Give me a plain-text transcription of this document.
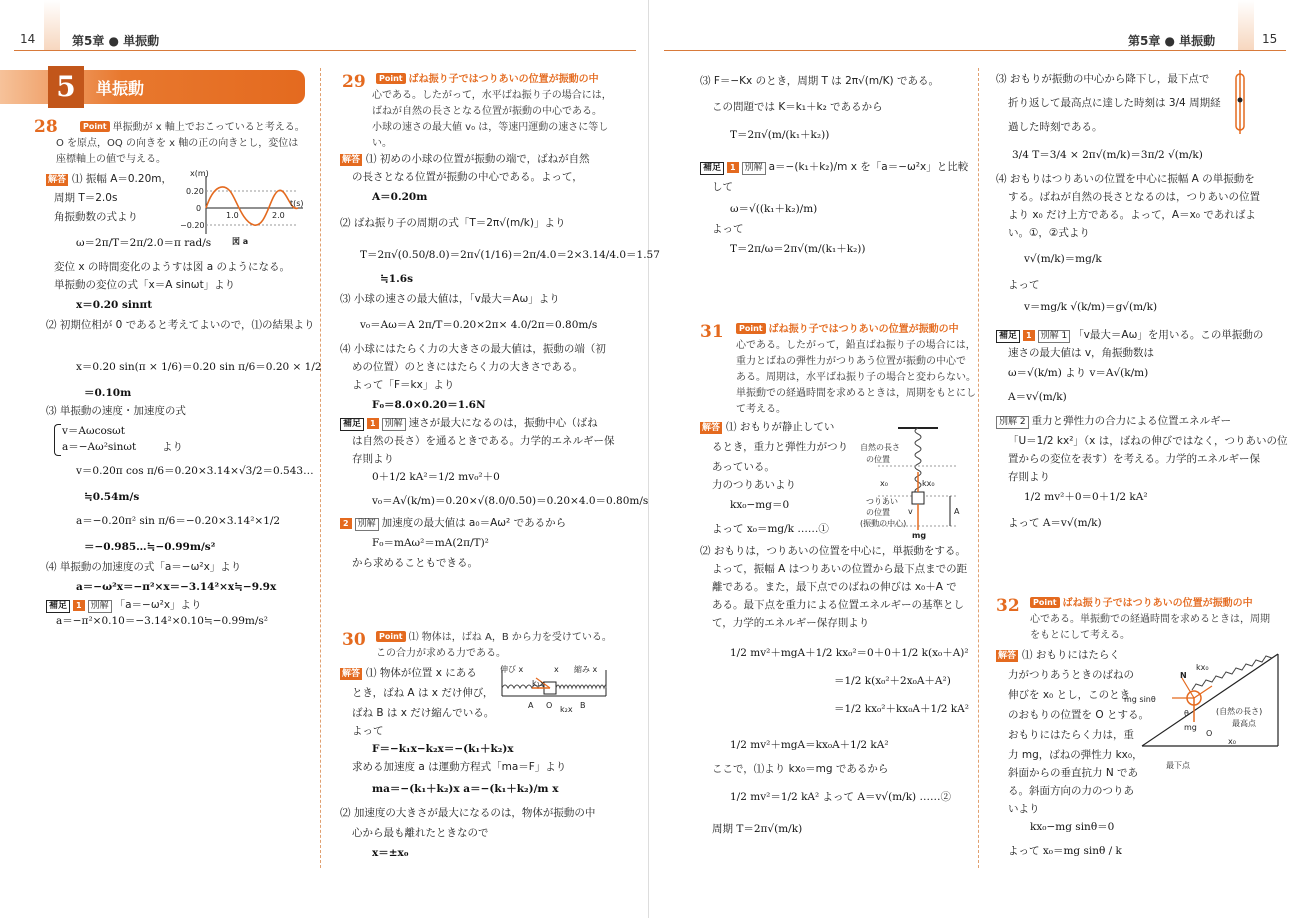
14	第5章 ● 単振動	第5章 ● 単振動	15
5	単振動
28	Point 単振動が x 軸上でおこっていると考える。
O を原点，OQ の向きを x 軸の正の向きとし，変位は
座標軸上の値で与える。
解答 ⑴ 振幅 A＝0.20m，
周期 T＝2.0s
角振動数の式より
ω＝2π/T＝2π/2.0＝π rad/s
変位 x の時間変化のようすは図 a のようになる。
単振動の変位の式「x＝A sinωt」より
x＝0.20 sinπt
⑵ 初期位相が 0 であると考えてよいので，⑴の結果より
x＝0.20 sin(π × 1/6)＝0.20 sin π/6＝0.20 × 1/2
＝0.10m
⑶ 単振動の速度・加速度の式
v＝Aωcosωt
a＝−Aω²sinωt より
v＝0.20π cos π/6＝0.20×3.14×√3/2＝0.543…
≒0.54m/s
a＝−0.20π² sin π/6＝−0.20×3.14²×1/2
＝−0.985…≒−0.99m/s²
⑷ 単振動の加速度の式「a＝−ω²x」より
a＝−ω²x＝−π²×x＝−3.14²×x≒−9.9x
補足 1 別解 「a＝−ω²x」より
a＝−π²×0.10＝−3.14²×0.10≒−0.99m/s²
x(m)
t(s)
0.20
0
−0.20
1.0	2.0
図 a
29	Point ばね振り子ではつりあいの位置が振動の中
心である。したがって，水平ばね振り子の場合には，
ばねが自然の長さとなる位置が振動の中心である。
小球の速さの最大値 v₀ は，等速円運動の速さに等し
い。
解答 ⑴ 初めの小球の位置が振動の端で，ばねが自然
の長さとなる位置が振動の中心である。よって，
A＝0.20m
⑵ ばね振り子の周期の式「T＝2π√(m/k)」より
T＝2π√(0.50/8.0)＝2π√(1/16)＝2π/4.0＝2×3.14/4.0＝1.57
≒1.6s
⑶ 小球の速さの最大値は，「v最大＝Aω」より
v₀＝Aω＝A 2π/T＝0.20×2π× 4.0/2π＝0.80m/s
⑷ 小球にはたらく力の大きさの最大値は，振動の端（初
めの位置）のときにはたらく力の大きさである。
よって「F＝kx」より
F₀＝8.0×0.20＝1.6N
補足 1 別解 速さが最大になるのは，振動中心（ばね
は自然の長さ）を通るときである。力学的エネルギー保
存則より
0＋1/2 kA²＝1/2 mv₀²＋0
v₀＝A√(k/m)＝0.20×√(8.0/0.50)＝0.20×4.0＝0.80m/s
2 別解 加速度の最大値は a₀＝Aω² であるから
F₀＝mAω²＝mA(2π/T)²
から求めることもできる。
30	Point ⑴ 物体は，ばね A，B から力を受けている。
この合力が求める力である。
解答 ⑴ 物体が位置 x にある
とき，ばね A は x だけ伸び，
ばね B は x だけ縮んでいる。
よって
F＝−k₁x−k₂x＝−(k₁＋k₂)x
求める加速度 a は運動方程式「ma＝F」より
ma＝−(k₁＋k₂)x a＝−(k₁＋k₂)/m x
⑵ 加速度の大きさが最大になるのは，物体が振動の中
心から最も離れたときなので
x＝±x₀
伸び x	縮み x
k₁x
x
A O	B
k₂x
⑶ F＝−Kx のとき，周期 T は 2π√(m/K) である。
この問題では K＝k₁＋k₂ であるから
T＝2π√(m/(k₁＋k₂))
補足 1 別解 a＝−(k₁＋k₂)/m x を「a＝−ω²x」と比較
して
ω＝√((k₁＋k₂)/m)
よって
T＝2π/ω＝2π√(m/(k₁＋k₂))
31	Point ばね振り子ではつりあいの位置が振動の中
心である。したがって，鉛直ばね振り子の場合には，
重力とばねの弾性力がつりあう位置が振動の中心で
ある。周期は，水平ばね振り子の場合と変わらない。
単振動での経過時間を求めるときは，周期をもとにし
て考える。
解答 ⑴ おもりが静止してい
るとき，重力と弾性力がつり
あっている。
力のつりあいより
kx₀−mg＝0
よって x₀＝mg/k ……①
⑵ おもりは，つりあいの位置を中心に，単振動をする。
よって，振幅 A はつりあいの位置から最下点までの距
離である。また，最下点でのばねの伸びは x₀＋A で
ある。最下点を重力による位置エネルギーの基準とし
て，力学的エネルギー保存則より
1/2 mv²＋mgA＋1/2 kx₀²＝0＋0＋1/2 k(x₀＋A)²
＝1/2 k(x₀²＋2x₀A＋A²)
＝1/2 kx₀²＋kx₀A＋1/2 kA²
1/2 mv²＋mgA＝kx₀A＋1/2 kA²
ここで，⑴より kx₀＝mg であるから
1/2 mv²＝1/2 kA² よって A＝v√(m/k) ……②
周期 T＝2π√(m/k)
自然の長さ
の位置
x₀	kx₀
つりあい
の位置
(振動の中心)
v	A
mg
⑶ おもりが振動の中心から降下し，最下点で
折り返して最高点に達した時刻は 3/4 周期経
過した時刻である。
3/4 T＝3/4 × 2π√(m/k)＝3π/2 √(m/k)
⑷ おもりはつりあいの位置を中心に振幅 A の単振動を
する。ばねが自然の長さとなるのは，つりあいの位置
より x₀ だけ上方である。よって，A＝x₀ であればよ
い。①，②式より
v√(m/k)＝mg/k
よって
v＝mg/k √(k/m)＝g√(m/k)
補足 1 別解 1 「v最大＝Aω」を用いる。この単振動の
速さの最大値は v，角振動数は
ω＝√(k/m) より v＝A√(k/m)
A＝v√(m/k)
別解 2 重力と弾性力の合力による位置エネルギー
「U＝1/2 kx²」（x は，ばねの伸びではなく，つりあいの位
置からの変位を表す）を考える。力学的エネルギー保
存則より
1/2 mv²＋0＝0＋1/2 kA²
よって A＝v√(m/k)
32	Point ばね振り子ではつりあいの位置が振動の中
心である。単振動での経過時間を求めるときは，周期
をもとにして考える。
解答 ⑴ おもりにはたらく
力がつりあうときのばねの
伸びを x₀ とし，このとき
のおもりの位置を O とする。
おもりにはたらく力は，重
力 mg，ばねの弾性力 kx₀，
斜面からの垂直抗力 N であ
る。斜面方向の力のつりあ
いより
kx₀−mg sinθ＝0
よって x₀＝mg sinθ / k
N
kx₀
mg sinθ
θ
mg
O
x₀
(自然の長さ)
最高点
最下点
